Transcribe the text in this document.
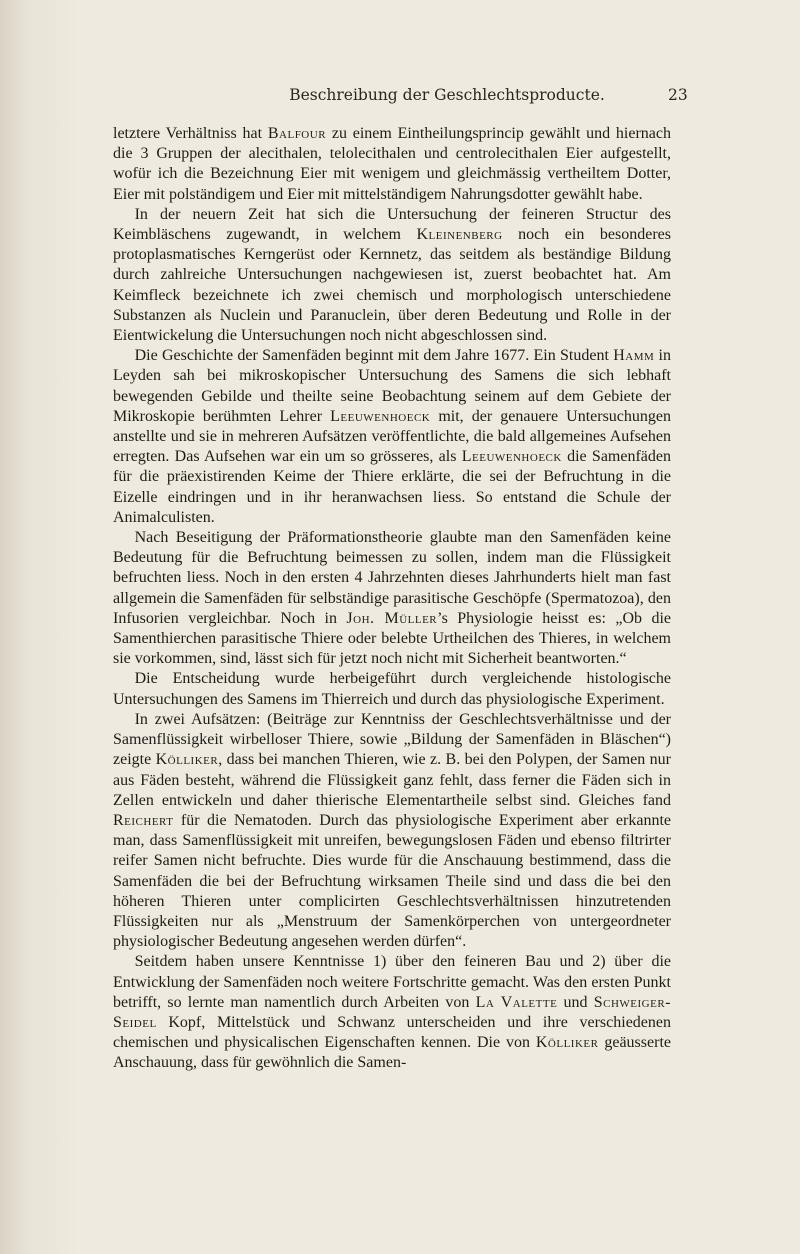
Beschreibung der Geschlechtsproducte.	23

letztere Verhältniss hat Balfour zu einem Eintheilungsprincip gewählt und hiernach die 3 Gruppen der alecithalen, telolecithalen und centrolecithalen Eier aufgestellt, wofür ich die Bezeichnung Eier mit wenigem und gleichmässig vertheiltem Dotter, Eier mit polständigem und Eier mit mittelständigem Nahrungsdotter gewählt habe.

In der neuern Zeit hat sich die Untersuchung der feineren Structur des Keimbläschens zugewandt, in welchem Kleinenberg noch ein besonderes protoplasmatisches Kerngerüst oder Kernnetz, das seitdem als beständige Bildung durch zahlreiche Untersuchungen nachgewiesen ist, zuerst beobachtet hat. Am Keimfleck bezeichnete ich zwei chemisch und morphologisch unterschiedene Substanzen als Nuclein und Paranuclein, über deren Bedeutung und Rolle in der Eientwickelung die Untersuchungen noch nicht abgeschlossen sind.

Die Geschichte der Samenfäden beginnt mit dem Jahre 1677. Ein Student Hamm in Leyden sah bei mikroskopischer Untersuchung des Samens die sich lebhaft bewegenden Gebilde und theilte seine Beobachtung seinem auf dem Gebiete der Mikroskopie berühmten Lehrer Leeuwenhoeck mit, der genauere Untersuchungen anstellte und sie in mehreren Aufsätzen veröffentlichte, die bald allgemeines Aufsehen erregten. Das Aufsehen war ein um so grösseres, als Leeuwenhoeck die Samenfäden für die präexistirenden Keime der Thiere erklärte, die sei der Befruchtung in die Eizelle eindringen und in ihr heranwachsen liess. So entstand die Schule der Animalculisten.

Nach Beseitigung der Präformationstheorie glaubte man den Samenfäden keine Bedeutung für die Befruchtung beimessen zu sollen, indem man die Flüssigkeit befruchten liess. Noch in den ersten 4 Jahrzehnten dieses Jahrhunderts hielt man fast allgemein die Samenfäden für selbständige parasitische Geschöpfe (Spermatozoa), den Infusorien vergleichbar. Noch in Joh. Müller’s Physiologie heisst es: „Ob die Samenthierchen parasitische Thiere oder belebte Urtheilchen des Thieres, in welchem sie vorkommen, sind, lässt sich für jetzt noch nicht mit Sicherheit beantworten.“

Die Entscheidung wurde herbeigeführt durch vergleichende histologische Untersuchungen des Samens im Thierreich und durch das physiologische Experiment.

In zwei Aufsätzen: (Beiträge zur Kenntniss der Geschlechtsverhältnisse und der Samenflüssigkeit wirbelloser Thiere, sowie „Bildung der Samenfäden in Bläschen“) zeigte Kölliker, dass bei manchen Thieren, wie z. B. bei den Polypen, der Samen nur aus Fäden besteht, während die Flüssigkeit ganz fehlt, dass ferner die Fäden sich in Zellen entwickeln und daher thierische Elementartheile selbst sind. Gleiches fand Reichert für die Nematoden. Durch das physiologische Experiment aber erkannte man, dass Samenflüssigkeit mit unreifen, bewegungslosen Fäden und ebenso filtrirter reifer Samen nicht befruchte. Dies wurde für die Anschauung bestimmend, dass die Samenfäden die bei der Befruchtung wirksamen Theile sind und dass die bei den höheren Thieren unter complicirten Geschlechtsverhältnissen hinzutretenden Flüssigkeiten nur als „Menstruum der Samenkörperchen von untergeordneter physiologischer Bedeutung angesehen werden dürfen“.

Seitdem haben unsere Kenntnisse 1) über den feineren Bau und 2) über die Entwicklung der Samenfäden noch weitere Fortschritte gemacht. Was den ersten Punkt betrifft, so lernte man namentlich durch Arbeiten von La Valette und Schweiger-Seidel Kopf, Mittelstück und Schwanz unterscheiden und ihre verschiedenen chemischen und physicalischen Eigenschaften kennen. Die von Kölliker geäusserte Anschauung, dass für gewöhnlich die Samen-
